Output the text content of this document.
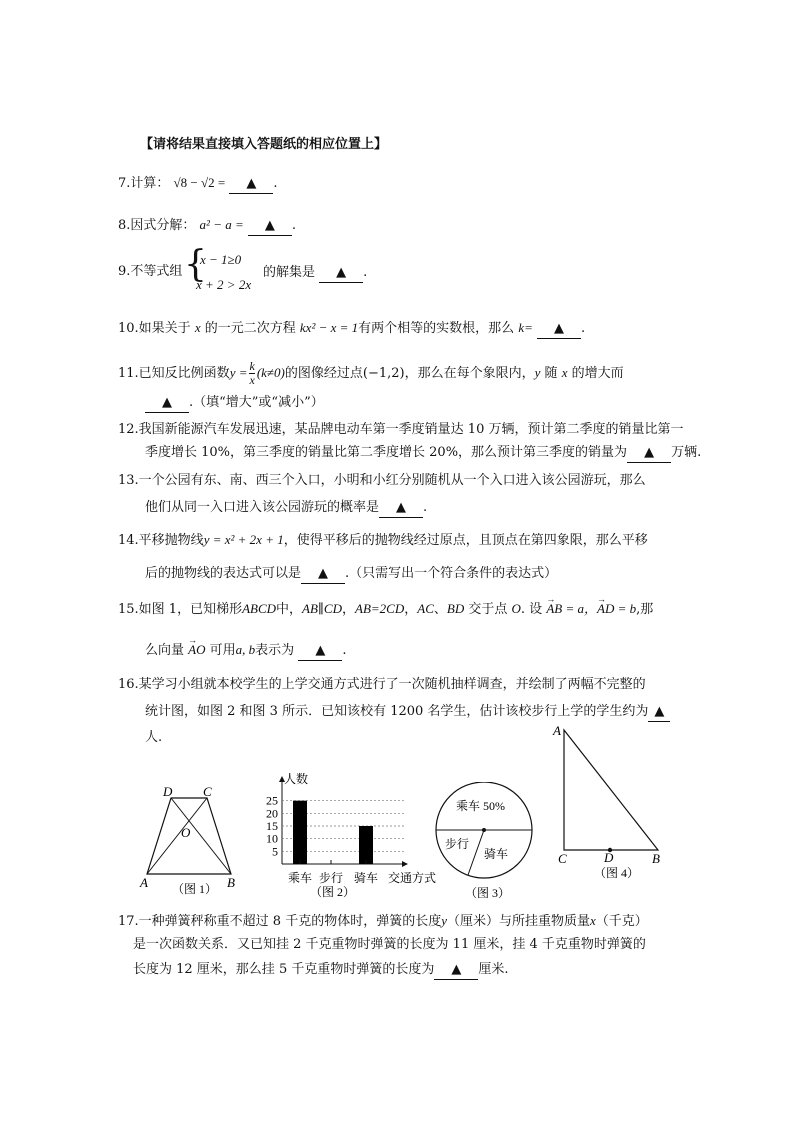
【请将结果直接填入答题纸的相应位置上】
7.计算： √8 − √2 = ▲ .
8.因式分解： a² − a = ▲ .
9.不等式组 {
x − 1≥0
x + 2 > 2x
的解集是 ▲ .
10.如果关于 x 的一元二次方程 kx² − x = 1有两个相等的实数根，那么 k= ▲ .
11.已知反比例函数$y = \frac{k}{x} (k\ne 0)$的图像经过点(−1,2)，那么在每个象限内，y 随 x 的增大而
▲ .（填“增大”或“减小”）
12.我国新能源汽车发展迅速，某品牌电动车第一季度销量达 10 万辆，预计第二季度的销量比第一
季度增长 10%，第三季度的销量比第二季度增长 20%，那么预计第三季度的销量为 ▲ 万辆.
13.一个公园有东、南、西三个入口，小明和小红分别随机从一个入口进入该公园游玩，那么
他们从同一入口进入该公园游玩的概率是 ▲ .
14.平移抛物线y = x² + 2x + 1，使得平移后的抛物线经过原点，且顶点在第四象限，那么平移
后的抛物线的表达式可以是 ▲ .（只需写出一个符合条件的表达式）
15.如图 1，已知梯形ABCD中，AB∥CD，AB=2CD，AC、BD 交于点 O. 设 → AB = a，→ AD = b,那
么向量 → AO 可用a, b表示为 ▲ .
16.某学习小组就本校学生的上学交通方式进行了一次随机抽样调查，并绘制了两幅不完整的
统计图，如图 2 和图 3 所示．已知该校有 1200 名学生，估计该校步行上学的学生约为 ▲
人.
D C
O
A	B
（图 1）
人数
5
10
15
20
25
乘车 步行 骑车 交通方式
（图 2）
乘车 50%
步行
骑车
（图 3）
A
C	D	B
（图 4）
17.一种弹簧秤称重不超过 8 千克的物体时，弹簧的长度y（厘米）与所挂重物质量x（千克）
是一次函数关系．又已知挂 2 千克重物时弹簧的长度为 11 厘米，挂 4 千克重物时弹簧的
长度为 12 厘米，那么挂 5 千克重物时弹簧的长度为 ▲ 厘米.
